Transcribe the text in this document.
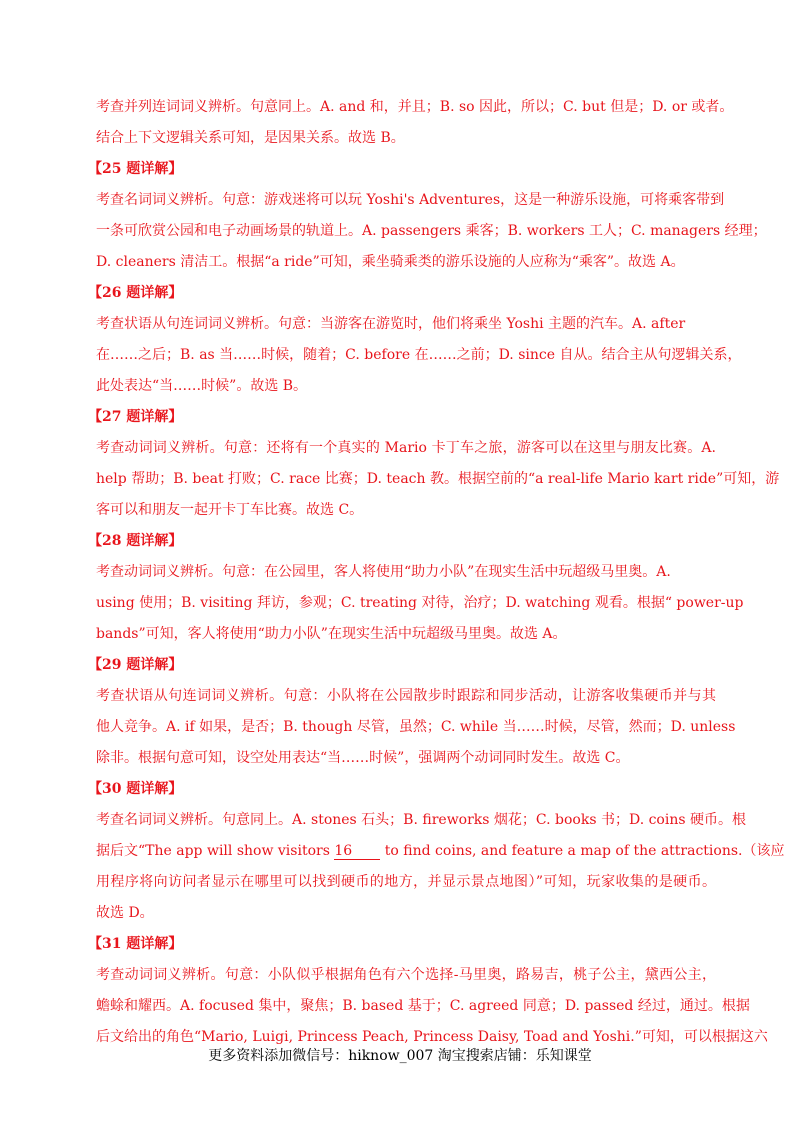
考查并列连词词义辨析。句意同上。A. and 和，并且；B. so 因此，所以；C. but 但是；D. or 或者。
结合上下文逻辑关系可知，是因果关系。故选 B。
【25 题详解】
考查名词词义辨析。句意：游戏迷将可以玩 Yoshi's Adventures，这是一种游乐设施，可将乘客带到
一条可欣赏公园和电子动画场景的轨道上。A. passengers 乘客；B. workers 工人；C. managers 经理；
D. cleaners 清洁工。根据“a ride”可知，乘坐骑乘类的游乐设施的人应称为“乘客”。故选 A。
【26 题详解】
考查状语从句连词词义辨析。句意：当游客在游览时，他们将乘坐 Yoshi 主题的汽车。A. after
在……之后；B. as 当……时候，随着；C. before 在……之前；D. since 自从。结合主从句逻辑关系，
此处表达“当……时候”。故选 B。
【27 题详解】
考查动词词义辨析。句意：还将有一个真实的 Mario 卡丁车之旅，游客可以在这里与朋友比赛。A.
help 帮助；B. beat 打败；C. race 比赛；D. teach 教。根据空前的“a real-life Mario kart ride”可知，游
客可以和朋友一起开卡丁车比赛。故选 C。
【28 题详解】
考查动词词义辨析。句意：在公园里，客人将使用“助力小队”在现实生活中玩超级马里奥。A.
using 使用；B. visiting 拜访，参观；C. treating 对待，治疗；D. watching 观看。根据“ power-up
bands”可知，客人将使用“助力小队”在现实生活中玩超级马里奥。故选 A。
【29 题详解】
考查状语从句连词词义辨析。句意：小队将在公园散步时跟踪和同步活动，让游客收集硬币并与其
他人竞争。A. if 如果，是否；B. though 尽管，虽然；C. while 当……时候，尽管，然而；D. unless
除非。根据句意可知，设空处用表达“当……时候”，强调两个动词同时发生。故选 C。
【30 题详解】
考查名词词义辨析。句意同上。A. stones 石头；B. fireworks 烟花；C. books 书；D. coins 硬币。根
据后文“The app will show visitors 16 to find coins, and feature a map of the attractions.（该应
用程序将向访问者显示在哪里可以找到硬币的地方，并显示景点地图）”可知，玩家收集的是硬币。
故选 D。
【31 题详解】
考查动词词义辨析。句意：小队似乎根据角色有六个选择-马里奥，路易吉，桃子公主，黛西公主，
蟾蜍和耀西。A. focused 集中，聚焦；B. based 基于；C. agreed 同意；D. passed 经过，通过。根据
后文给出的角色“Mario, Luigi, Princess Peach, Princess Daisy, Toad and Yoshi.”可知，可以根据这六
更多资料添加微信号：hiknow_007 淘宝搜索店铺：乐知课堂
